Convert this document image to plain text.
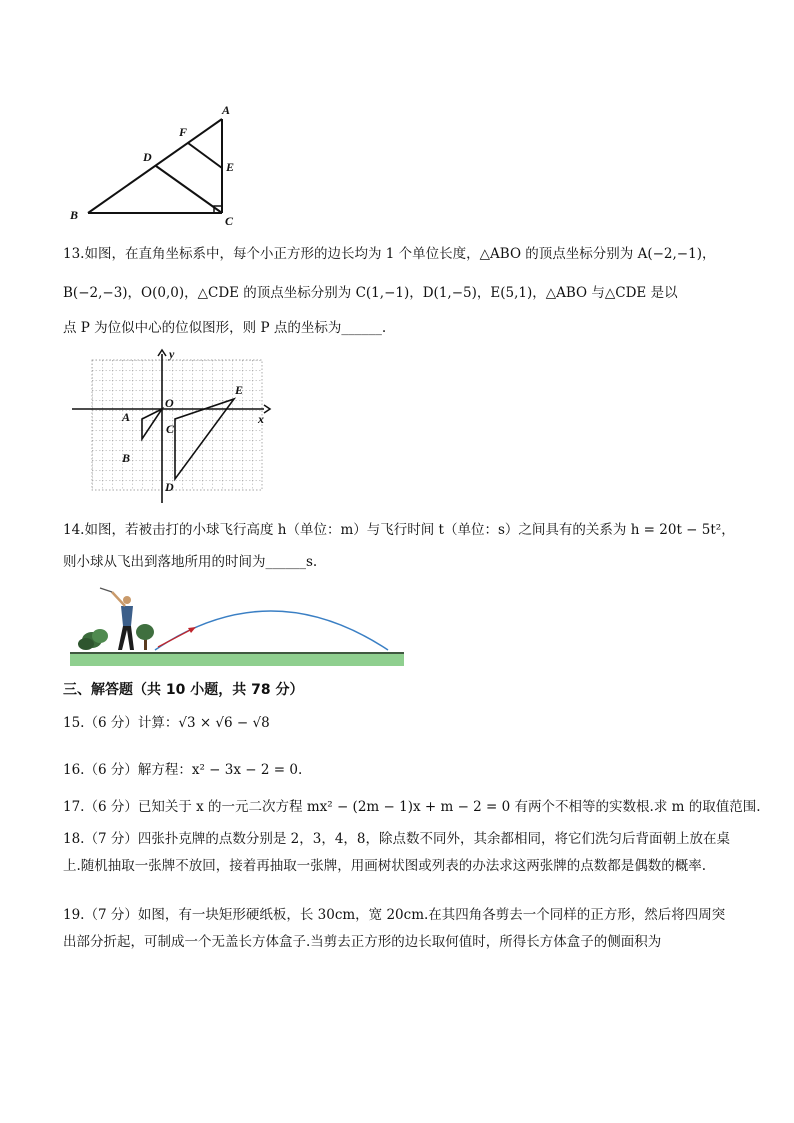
A
F
D
E
B	C
13.如图，在直角坐标系中，每个小正方形的边长均为 1 个单位长度，△ABO 的顶点坐标分别为 A(−2,−1)，
B(−2,−3)，O(0,0)，△CDE 的顶点坐标分别为 C(1,−1)，D(1,−5)，E(5,1)，△ABO 与△CDE 是以
点 P 为位似中心的位似图形，则 P 点的坐标为______.
y
O
E
x
A
C
B
D
14.如图，若被击打的小球飞行高度 h（单位：m）与飞行时间 t（单位：s）之间具有的关系为 h = 20t − 5t²，
则小球从飞出到落地所用的时间为______s.
三、解答题（共 10 小题，共 78 分）
15.（6 分）计算：√3 × √6 − √8
16.（6 分）解方程：x² − 3x − 2 = 0.
17.（6 分）已知关于 x 的一元二次方程 mx² − (2m − 1)x + m − 2 = 0 有两个不相等的实数根.求 m 的取值范围.
18.（7 分）四张扑克牌的点数分别是 2，3，4，8，除点数不同外，其余都相同，将它们洗匀后背面朝上放在桌上.随机抽取一张牌不放回，接着再抽取一张牌，用画树状图或列表的办法求这两张牌的点数都是偶数的概率.
19.（7 分）如图，有一块矩形硬纸板，长 30cm，宽 20cm.在其四角各剪去一个同样的正方形，然后将四周突出部分折起，可制成一个无盖长方体盒子.当剪去正方形的边长取何值时，所得长方体盒子的侧面积为
